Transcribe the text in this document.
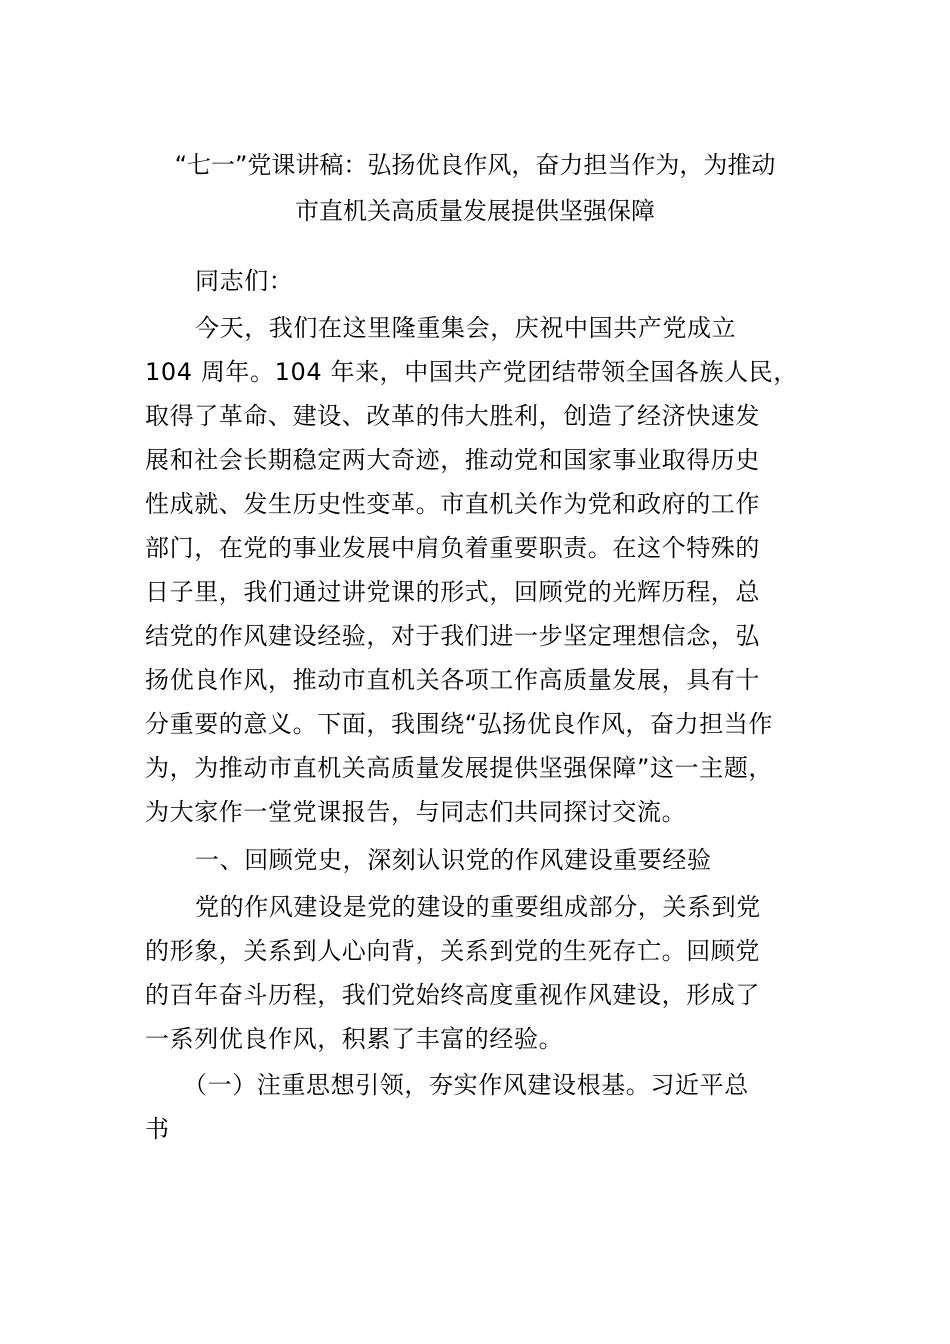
“七一”党课讲稿：弘扬优良作风，奋力担当作为，为推动
市直机关高质量发展提供坚强保障
同志们：
今天，我们在这里隆重集会，庆祝中国共产党成立
104 周年。104 年来，中国共产党团结带领全国各族人民，
取得了革命、建设、改革的伟大胜利，创造了经济快速发
展和社会长期稳定两大奇迹，推动党和国家事业取得历史
性成就、发生历史性变革。市直机关作为党和政府的工作
部门，在党的事业发展中肩负着重要职责。在这个特殊的
日子里，我们通过讲党课的形式，回顾党的光辉历程，总
结党的作风建设经验，对于我们进一步坚定理想信念，弘
扬优良作风，推动市直机关各项工作高质量发展，具有十
分重要的意义。下面，我围绕“弘扬优良作风，奋力担当作
为，为推动市直机关高质量发展提供坚强保障”这一主题，
为大家作一堂党课报告，与同志们共同探讨交流。
一、回顾党史，深刻认识党的作风建设重要经验
党的作风建设是党的建设的重要组成部分，关系到党
的形象，关系到人心向背，关系到党的生死存亡。回顾党
的百年奋斗历程，我们党始终高度重视作风建设，形成了
一系列优良作风，积累了丰富的经验。
（一）注重思想引领，夯实作风建设根基。习近平总
书
